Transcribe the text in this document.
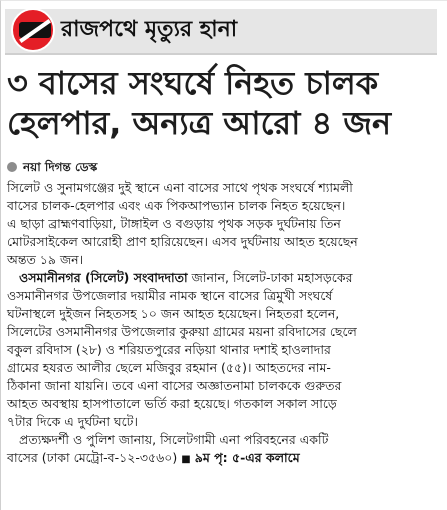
রাজপথে মৃত্যুর হানা
৩ বাসের সংঘর্ষে নিহত চালক
হেলপার, অন্যত্র আরো ৪ জন
নয়া দিগন্ত ডেস্ক
সিলেট ও সুনামগঞ্জের দুই স্থানে এনা বাসের সাথে পৃথক সংঘর্ষে শ্যামলী
বাসের চালক-হেলপার এবং এক পিকআপভ্যান চালক নিহত হয়েছেন।
এ ছাড়া ব্রাহ্মণবাড়িয়া, টাঙ্গাইল ও বগুড়ায় পৃথক সড়ক দুর্ঘটনায় তিন
মোটরসাইকেল আরোহী প্রাণ হারিয়েছেন। এসব দুর্ঘটনায় আহত হয়েছেন
অন্তত ১৯ জন।
ওসমানীনগর (সিলেট) সংবাদদাতা জানান, সিলেট-ঢাকা মহাসড়কের
ওসমানীনগর উপজেলার দয়ামীর নামক স্থানে বাসের ত্রিমুখী সংঘর্ষে
ঘটনাস্থলে দুইজন নিহতসহ ১০ জন আহত হয়েছেন। নিহতরা হলেন,
সিলেটের ওসমানীনগর উপজেলার কুরুয়া গ্রামের ময়না রবিদাসের ছেলে
বকুল রবিদাস (২৮) ও শরিয়তপুরের নড়িয়া থানার দশাই হাওলাদার
গ্রামের হযরত আলীর ছেলে মজিবুর রহমান (৫৫)। আহতদের নাম-
ঠিকানা জানা যায়নি। তবে এনা বাসের অজ্ঞাতনামা চালককে গুরুতর
আহত অবস্থায় হাসপাতালে ভর্তি করা হয়েছে। গতকাল সকাল সাড়ে
৭টার দিকে এ দুর্ঘটনা ঘটে।
প্রত্যক্ষদর্শী ও পুলিশ জানায়, সিলেটগামী এনা পরিবহনের একটি
বাসের (ঢাকা মেট্রো-ব-১২-৩৫৬০) ■ ৯ম পৃ: ৫-এর কলামে
